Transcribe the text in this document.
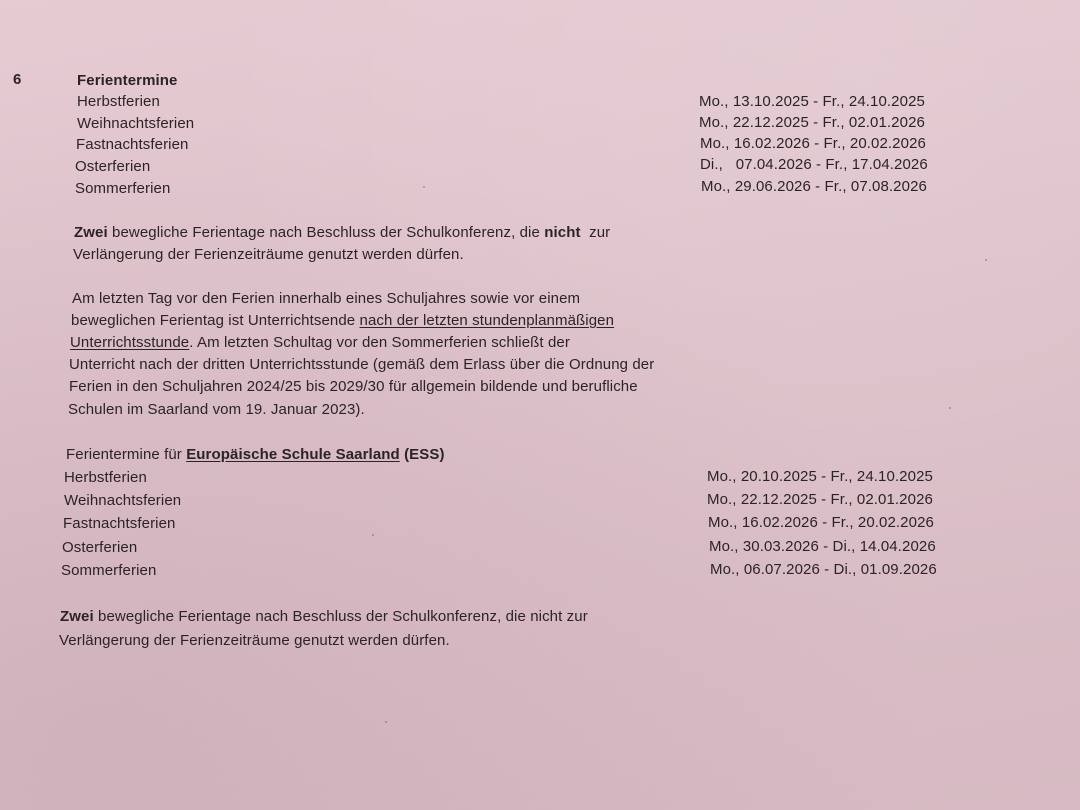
6	Ferientermine
Herbstferien
Weihnachtsferien
Fastnachtsferien
Osterferien
Sommerferien
Mo., 13.10.2025 - Fr., 24.10.2025
Mo., 22.12.2025 - Fr., 02.01.2026
Mo., 16.02.2026 - Fr., 20.02.2026
Di.,   07.04.2026 - Fr., 17.04.2026
Mo., 29.06.2026 - Fr., 07.08.2026
Zwei bewegliche Ferientage nach Beschluss der Schulkonferenz, die nicht  zur
Verlängerung der Ferienzeiträume genutzt werden dürfen.
Am letzten Tag vor den Ferien innerhalb eines Schuljahres sowie vor einem
beweglichen Ferientag ist Unterrichtsende nach der letzten stundenplanmäßigen
Unterrichtsstunde. Am letzten Schultag vor den Sommerferien schließt der
Unterricht nach der dritten Unterrichtsstunde (gemäß dem Erlass über die Ordnung der
Ferien in den Schuljahren 2024/25 bis 2029/30 für allgemein bildende und berufliche
Schulen im Saarland vom 19. Januar 2023).
Ferientermine für Europäische Schule Saarland (ESS)
Herbstferien
Weihnachtsferien
Fastnachtsferien
Osterferien
Sommerferien
Mo., 20.10.2025 - Fr., 24.10.2025
Mo., 22.12.2025 - Fr., 02.01.2026
Mo., 16.02.2026 - Fr., 20.02.2026
Mo., 30.03.2026 - Di., 14.04.2026
Mo., 06.07.2026 - Di., 01.09.2026
Zwei bewegliche Ferientage nach Beschluss der Schulkonferenz, die nicht zur
Verlängerung der Ferienzeiträume genutzt werden dürfen.
